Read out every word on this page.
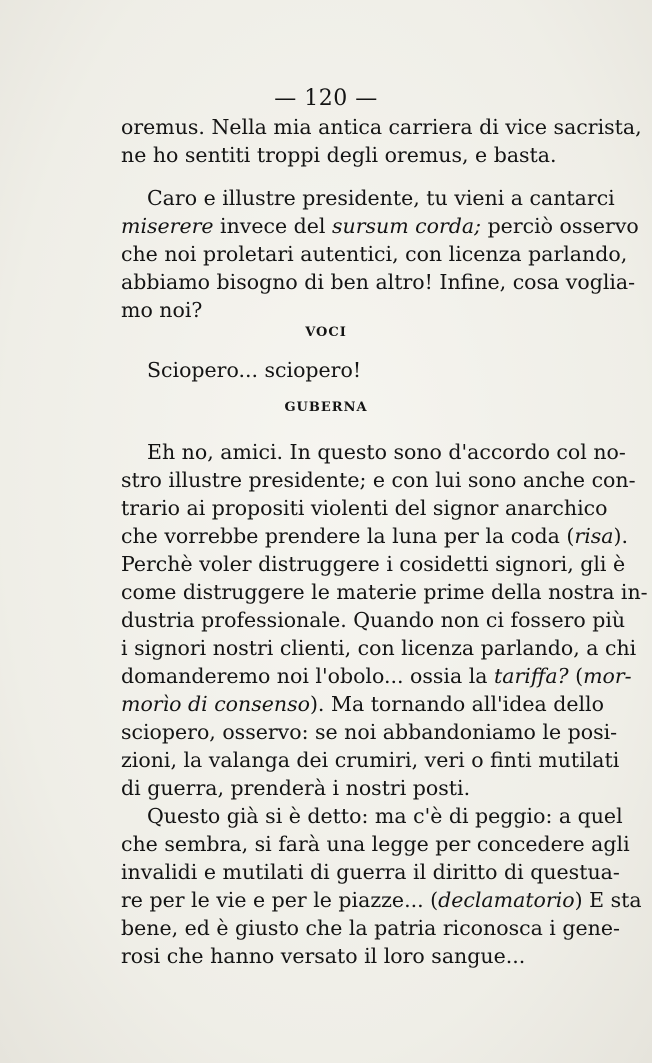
— 120 —
oremus. Nella mia antica carriera di vice sacrista,
ne ho sentiti troppi degli oremus, e basta.
Caro e illustre presidente, tu vieni a cantarci
miserere invece del sursum corda; perciò osservo
che noi proletari autentici, con licenza parlando,
abbiamo bisogno di ben altro! Infine, cosa voglia-
mo noi?
VOCI
Sciopero... sciopero!
GUBERNA
Eh no, amici. In questo sono d'accordo col no-
stro illustre presidente; e con lui sono anche con-
trario ai propositi violenti del signor anarchico
che vorrebbe prendere la luna per la coda (risa).
Perchè voler distruggere i cosidetti signori, gli è
come distruggere le materie prime della nostra in-
dustria professionale. Quando non ci fossero più
i signori nostri clienti, con licenza parlando, a chi
domanderemo noi l'obolo... ossia la tariffa? (mor-
morìo di consenso). Ma tornando all'idea dello
sciopero, osservo: se noi abbandoniamo le posi-
zioni, la valanga dei crumiri, veri o finti mutilati
di guerra, prenderà i nostri posti.
Questo già si è detto: ma c'è di peggio: a quel
che sembra, si farà una legge per concedere agli
invalidi e mutilati di guerra il diritto di questua-
re per le vie e per le piazze... (declamatorio) E sta
bene, ed è giusto che la patria riconosca i gene-
rosi che hanno versato il loro sangue...
